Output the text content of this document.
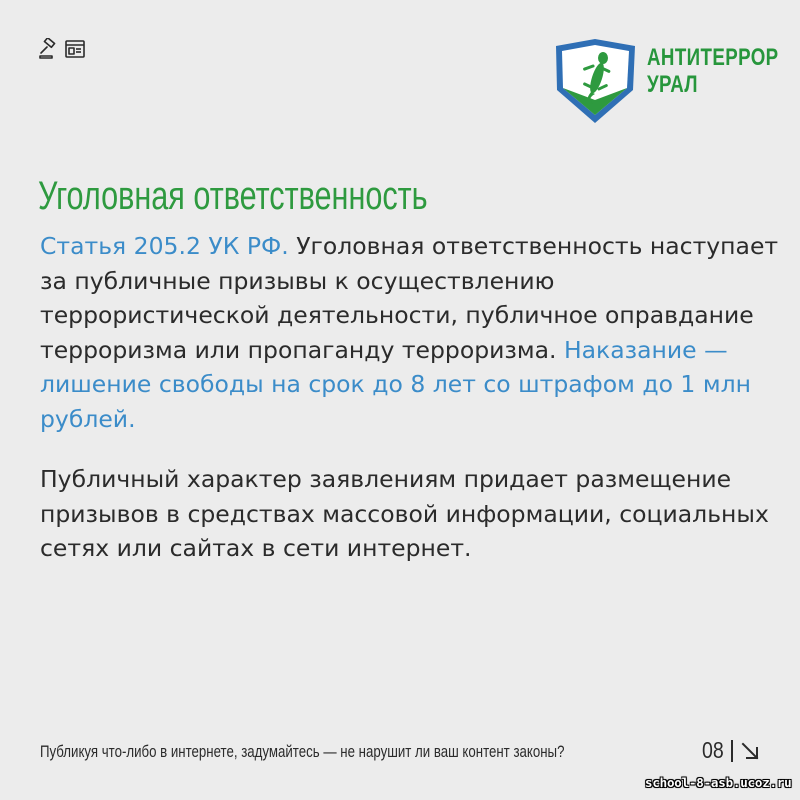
АНТИТЕРРОР
УРАЛ
Уголовная ответственность

Статья 205.2 УК РФ. Уголовная ответственность наступает за публичные призывы к осуществлению террористической деятельности, публичное оправдание терроризма или пропаганду терроризма. Наказание — лишение свободы на срок до 8 лет со штрафом до 1 млн рублей.

Публичный характер заявлениям придает размещение призывов в средствах массовой информации, социальных сетях или сайтах в сети интернет.

Публикуя что-либо в интернете, задумайтесь — не нарушит ли ваш контент законы?	08
school-8-asb.ucoz.ru
